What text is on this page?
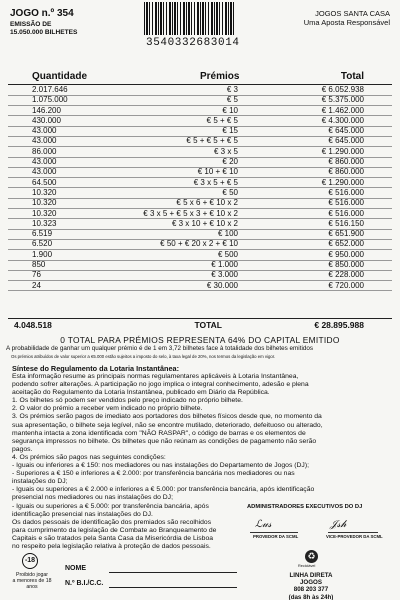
JOGO n.º 354
EMISSÃO DE
15.050.000 BILHETES
3540332683014
JOGOS SANTA CASA
Uma Aposta Responsável
Quantidade	Prémios	Total
2.017.646	€ 3	€ 6.052.938
1.075.000	€ 5	€ 5.375.000
146.200	€ 10	€ 1.462.000
430.000	€ 5 + € 5	€ 4.300.000
43.000	€ 15	€ 645.000
43.000	€ 5 + € 5 + € 5	€ 645.000
86.000	€ 3 x 5	€ 1.290.000
43.000	€ 20	€ 860.000
43.000	€ 10 + € 10	€ 860.000
64.500	€ 3 x 5 + € 5	€ 1.290.000
10.320	€ 50	€ 516.000
10.320	€ 5 x 6 + € 10 x 2	€ 516.000
10.320	€ 3 x 5 + € 5 x 3 + € 10 x 2	€ 516.000
10.323	€ 3 x 10 + € 10 x 2	€ 516.150
6.519	€ 100	€ 651.900
6.520	€ 50 + € 20 x 2 + € 10	€ 652.000
1.900	€ 500	€ 950.000
850	€ 1.000	€ 850.000
76	€ 3.000	€ 228.000
24	€ 30.000	€ 720.000
4.048.518	TOTAL	€ 28.895.988
0 TOTAL PARA PRÉMIOS REPRESENTA 64% DO CAPITAL EMITIDO
A probabilidade de ganhar um qualquer prémio é de 1 em 3,72 bilhetes face à totalidade dos bilhetes emitidos
Os prémios atribuídos de valor superior a €5.000 estão sujeitos a imposto do selo, à taxa legal de 20%, nos termos da legislação em vigor.
Síntese do Regulamento da Lotaria Instantânea:
Esta informação resume as principais normas regulamentares aplicáveis à Lotaria Instantânea,
podendo sofrer alterações. A participação no jogo implica o integral conhecimento, adesão e plena
aceitação do Regulamento da Lotaria Instantânea, publicado em Diário da República.
1. Os bilhetes só podem ser vendidos pelo preço indicado no próprio bilhete.
2. O valor do prémio a receber vem indicado no próprio bilhete.
3. Os prémios serão pagos de imediato aos portadores dos bilhetes físicos desde que, no momento da
sua apresentação, o bilhete seja legível, não se encontre mutilado, deteriorado, defeituoso ou alterado,
mantenha intacta a zona identificada com "NÃO RASPAR", o código de barras e os elementos de
segurança impressos no bilhete. Os bilhetes que não reúnam as condições de pagamento não serão
pagos.
4. Os prémios são pagos nas seguintes condições:
- Iguais ou inferiores a € 150: nos mediadores ou nas instalações do Departamento de Jogos (DJ);
- Superiores a € 150 e inferiores a € 2.000: por transferência bancária nos mediadores ou nas
instalações do DJ;
- Iguais ou superiores a € 2.000 e inferiores a € 5.000: por transferência bancária, após identificação
presencial nos mediadores ou nas instalações do DJ;
- Iguais ou superiores a € 5.000: por transferência bancária, após
identificação presencial nas instalações do DJ.
Os dados pessoais de identificação dos premiados são recolhidos
para cumprimento da legislação de Combate ao Branqueamento de
Capitais e são tratados pela Santa Casa da Misericórdia de Lisboa
no respeito pela legislação relativa à proteção de dados pessoais.
ADMINISTRADORES EXECUTIVOS DO DJ
ℒ𝓊𝓈	𝒥𝓈𝒽
PROVEDOR DA SCML	VICE-PROVEDOR DA SCML
♻
Reciclável
LINHA DIRETA JOGOS
808 203 377
(das 8h às 24h)
-18
Proibido jogar
a menores de 18 anos
NOME
N.º B.I./C.C.
